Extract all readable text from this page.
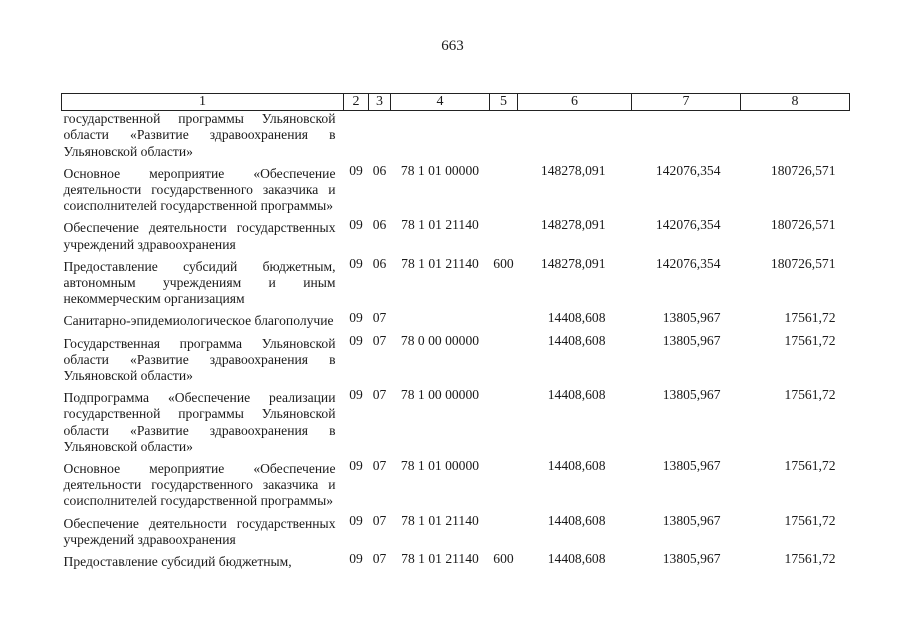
663
1	2	3	4	5	6	7	8
государственной программы Ульяновской области «Развитие здравоохранения в Ульяновской области»							
Основное мероприятие «Обеспечение деятельности государственного заказчика и соисполнителей государственной программы»	09	06	78 1 01 00000		148278,091	142076,354	180726,571
Обеспечение деятельности государственных учреждений здравоохранения	09	06	78 1 01 21140		148278,091	142076,354	180726,571
Предоставление субсидий бюджетным, автономным учреждениям и иным некоммерческим организациям	09	06	78 1 01 21140	600	148278,091	142076,354	180726,571
Санитарно-эпидемиологическое благополучие	09	07			14408,608	13805,967	17561,72
Государственная программа Ульяновской области «Развитие здравоохранения в Ульяновской области»	09	07	78 0 00 00000		14408,608	13805,967	17561,72
Подпрограмма «Обеспечение реализации государственной программы Ульяновской области «Развитие здравоохранения в Ульяновской области»	09	07	78 1 00 00000		14408,608	13805,967	17561,72
Основное мероприятие «Обеспечение деятельности государственного заказчика и соисполнителей государственной программы»	09	07	78 1 01 00000		14408,608	13805,967	17561,72
Обеспечение деятельности государственных учреждений здравоохранения	09	07	78 1 01 21140		14408,608	13805,967	17561,72
Предоставление субсидий бюджетным,	09	07	78 1 01 21140	600	14408,608	13805,967	17561,72
